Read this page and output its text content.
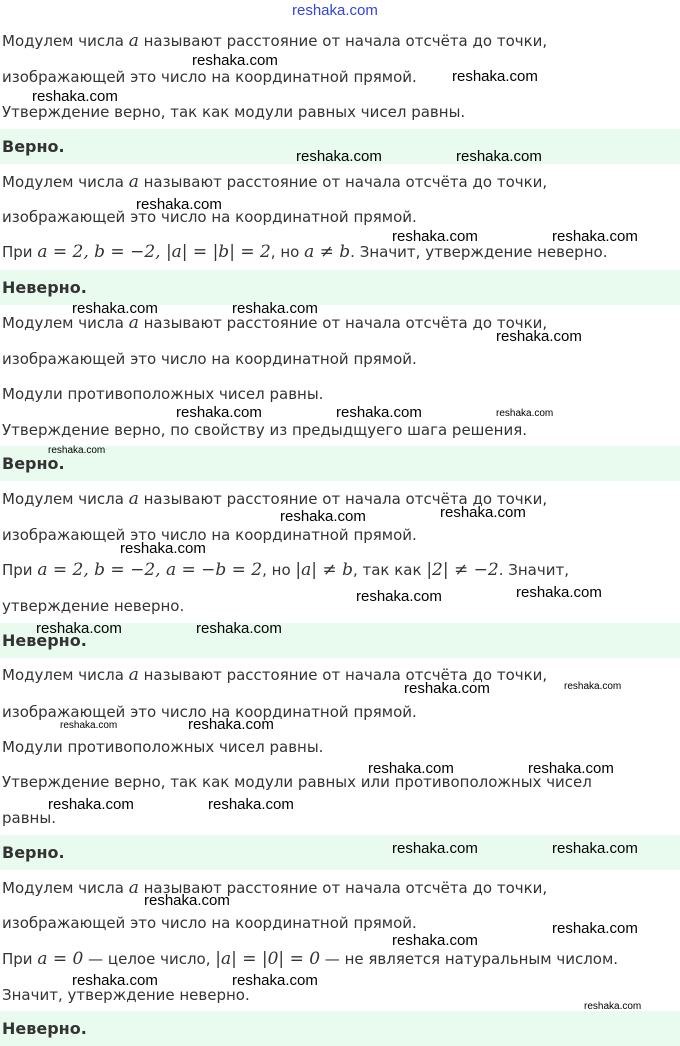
reshaka.com
Модулем числа a называют расстояние от начала отсчёта до точки,
изображающей это число на координатной прямой.
Утверждение верно, так как модули равных чисел равны.
Верно.
Модулем числа a называют расстояние от начала отсчёта до точки,
изображающей это число на координатной прямой.
При a = 2, b = −2, |a| = |b| = 2, но a ≠ b. Значит, утверждение неверно.
Неверно.
Модулем числа a называют расстояние от начала отсчёта до точки,
изображающей это число на координатной прямой.
Модули противоположных чисел равны.
Утверждение верно, по свойству из предыдщуего шага решения.
Верно.
Модулем числа a называют расстояние от начала отсчёта до точки,
изображающей это число на координатной прямой.
При a = 2, b = −2, a = −b = 2, но |a| ≠ b, так как |2| ≠ −2. Значит,
утверждение неверно.
Неверно.
Модулем числа a называют расстояние от начала отсчёта до точки,
изображающей это число на координатной прямой.
Модули противоположных чисел равны.
Утверждение верно, так как модули равных или противоположных чисел
равны.
Верно.
Модулем числа a называют расстояние от начала отсчёта до точки,
изображающей это число на координатной прямой.
При a = 0 — целое число, |a| = |0| = 0 — не является натуральным числом.
Значит, утверждение неверно.
Неверно.
reshaka.com
reshaka.com
reshaka.com
reshaka.com	reshaka.com
reshaka.com
reshaka.com	reshaka.com
reshaka.com	reshaka.com
reshaka.com
reshaka.com	reshaka.com	reshaka.com
reshaka.com
reshaka.com
reshaka.com
reshaka.com
reshaka.com
reshaka.com
reshaka.com	reshaka.com
reshaka.com	reshaka.com
reshaka.com	reshaka.com
reshaka.com	reshaka.com
reshaka.com	reshaka.com
reshaka.com	reshaka.com
reshaka.com
reshaka.com
reshaka.com
reshaka.com	reshaka.com
reshaka.com
